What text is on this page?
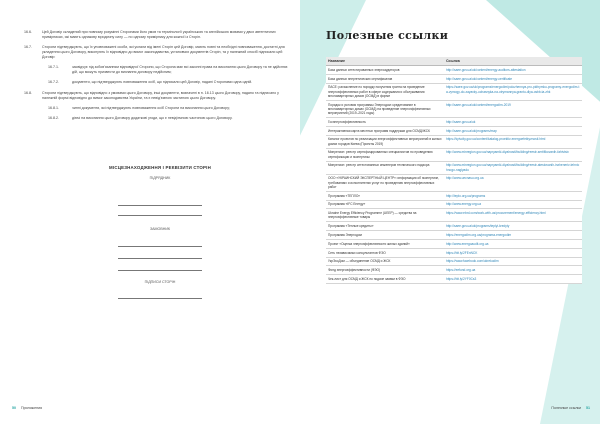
16.6.	Цей Договір складений при повному розумінні Сторонами його умов та термінології українською та англійською мовами у двох автентичних примірниках, які мають однакову юридичну силу — по одному примірнику для кожної із Сторін.
16.7.	Сторони підтверджують, що їх уповноважені особи, які уклали від імені Сторін цей Договір, мають повні та необхідні повноваження, достатні для укладення цього Договору, виконують їх відповідно до вимог законодавства, установчих документів Сторін, та у належний спосіб підписали цей Договір:
16.7.1.	засвідчує під зобов'язанням відповідної Сторони, що Сторона має всі законні права на виконання цього Договору та не здійснює дій, що можуть призвести до визнання договору недійсним;
16.7.2.	документи, що підтверджують повноваження осіб, що підписали цей Договір, надані Сторонами одна одній.
16.8.	Сторони підтверджують, що відповідно з умовами цього Договору, інші документи, визначені в п. 16.13 цього Договору, надано та підписано у належній формі відповідно до вимог законодавства України, та є невід'ємною частиною цього Договору.
16.8.1.	чинні документи, які підтверджують повноваження осіб Сторони на виконання цього Договору;
16.8.2.	діючі на виконання цього Договору додаткові угоди, що є невід'ємною частиною цього Договору.
МІСЦЕЗНАХОДЖЕННЯ І РЕКВІЗИТИ СТОРІН
ПІДРЯДНИК
ЗАМОВНИК
ПІДПИСИ СТОРІН
50 Приложения
Полезные ссылки
Название	Ссылка
База данных аттестированных энергоаудиторов	http://saee.gov.ua/uk/content/energy-auditors-attestation
База данных энергетических сертификатов	http://saee.gov.ua/uk/content/energy-certificate
ПАСЕ: разъяснение по порядку получения гранта на проведение энергоэффективных работ в сфере содержания и обслуживания многоквартирных домов (ОСМД) в форме	https://saee.gov.ua/uk/programs/energodim/polozhennya-pro-pidtrymku-programy-energodim-ta-vymogy-do-zayavky-uchasnyka-na-otrymannya-grantu-dlya-osbb-ta-zhk
Порядок и условия программы Энергодом: кредитование в многоквартирных домах (ОСМД) на проведение энергоэффективных мероприятий (2019–2021 годы)	http://saee.gov.ua/uk/content/energodim-2019
Госэнергоэффективность	http://saee.gov.ua/uk
Интерактивная карта местных программ поддержки для ОСМД/ЖСК	http://saee.gov.ua/uk/programs/map
Каталог проектов по реализации энергоэффективных мероприятий в жилых домах городов Киева (Проекты 2019)	https://kyivcity.gov.ua/content/katalog-proektiv-energoefektyvnosti.html
Минрегион: реестр сертифицированных специалистов по проведению сертификации и экспертизы	http://www.minregion.gov.ua/napryamki-diyalnosti/building/reestr-sertifikovanih-fahivtsiv
Минрегион: реестр аттестованных инженеров технического надзора	http://www.minregion.gov.ua/napryamki-diyalnosti/building/reestr-atestovanih-inzheneriv-tehnichnogo-naglyadu
ООО «УКРАИНСКИЙ ЭКСПЕРТНЫЙ ЦЕНТР»: информация об экспертизе, требованиях и исполнителях услуг по проведению энергоэффективных работ	http://www.uecnasu.org.ua
Программа «ТЕПЛО»	http://teplo.org.ua/programs
Программа «IFC Energy»	http://www.energy.org.ua
Ukraine Energy Efficiency Programme (UEEP) — средства на энергоэффективные товары	https://www.ebrd.com/work-with-us/procurement/energy-efficiency.html
Программа «Теплые кредиты»	http://saee.gov.ua/uk/programs/teplyi-kredyty
Программа Энергодом	https://energodim.org.ua/programa-energodim
Проект «Оценка энергоэффективности жилых зданий»	http://www.energoaudit.org.ua
Сеть независимых консультантов ФЭО	https://bit.ly/2FEnNCK
УкрЭкоДом — объединение ОСМД и ЖСК	https://www.facebook.com/ukrekodim
Фонд энергоэффективности (ФЭО)	https://eefund.org.ua
Чек-лист для ОСМД и ЖСК по подаче заявки в ФЭО	https://bit.ly/2YF0Cs3
Полезные ссылки 51
